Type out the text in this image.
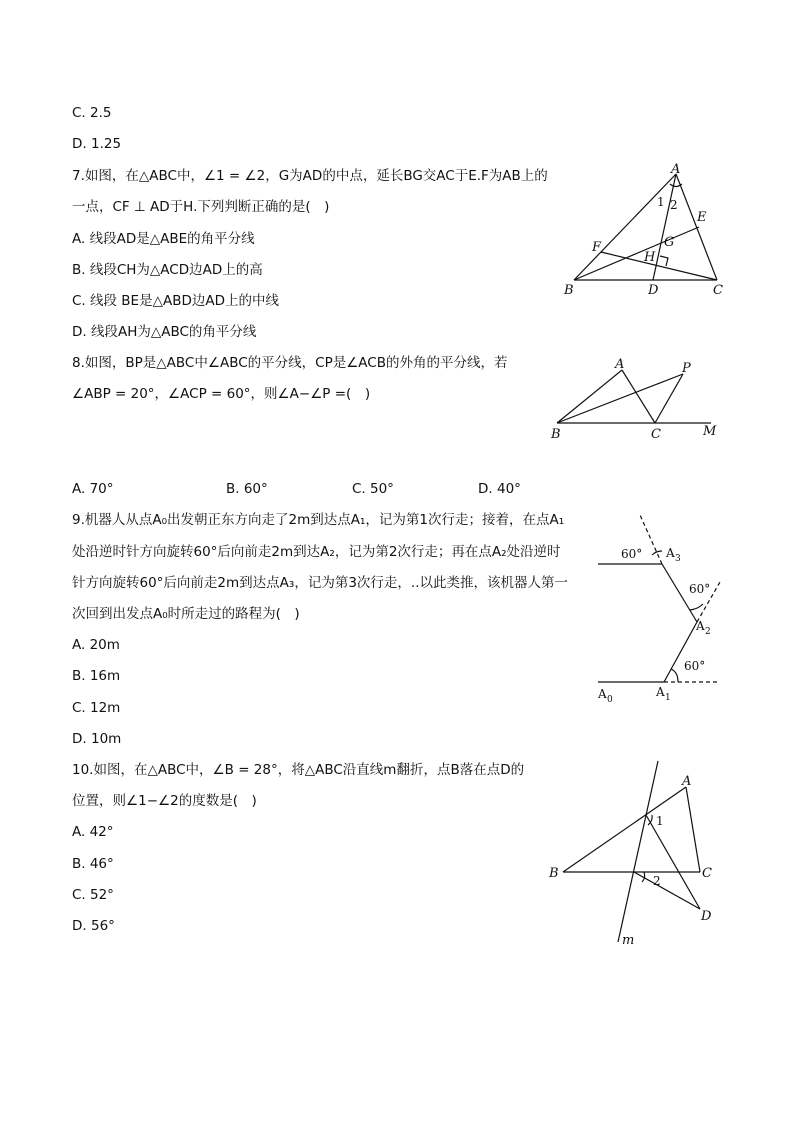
C. 2.5
D. 1.25
7.如图，在△ABC中，∠1 = ∠2，G为AD的中点，延长BG交AC于E.F为AB上的
一点，CF ⊥ AD于H.下列判断正确的是(　)
A. 线段AD是△ABE的角平分线
B. 线段CH为△ACD边AD上的高
C. 线段 BE是△ABD边AD上的中线
D. 线段AH为△ABC的角平分线
A
B	C
D
E
F	G
H
1 2
8.如图，BP是△ABC中∠ABC的平分线，CP是∠ACB的外角的平分线，若
∠ABP = 20°，∠ACP = 60°，则∠A−∠P =(　)
A
B	C
P
M
A. 70°	B. 60°	C. 50°	D. 40°
9.机器人从点A₀出发朝正东方向走了2m到达点A₁，记为第1次行走；接着，在点A₁
处沿逆时针方向旋转60°后向前走2m到达A₂，记为第2次行走；再在点A₂处沿逆时
针方向旋转60°后向前走2m到达点A₃，记为第3次行走，..以此类推，该机器人第一
次回到出发点A₀时所走过的路程为(　)
A. 20m
B. 16m
C. 12m
D. 10m
A 0
A 1
A 2
A 3
60°
60°
60°
10.如图，在△ABC中，∠B = 28°，将△ABC沿直线m翻折，点B落在点D的
位置，则∠1−∠2的度数是(　)
A. 42°
B. 46°
C. 52°
D. 56°
A
B	C
D
m
1
2
